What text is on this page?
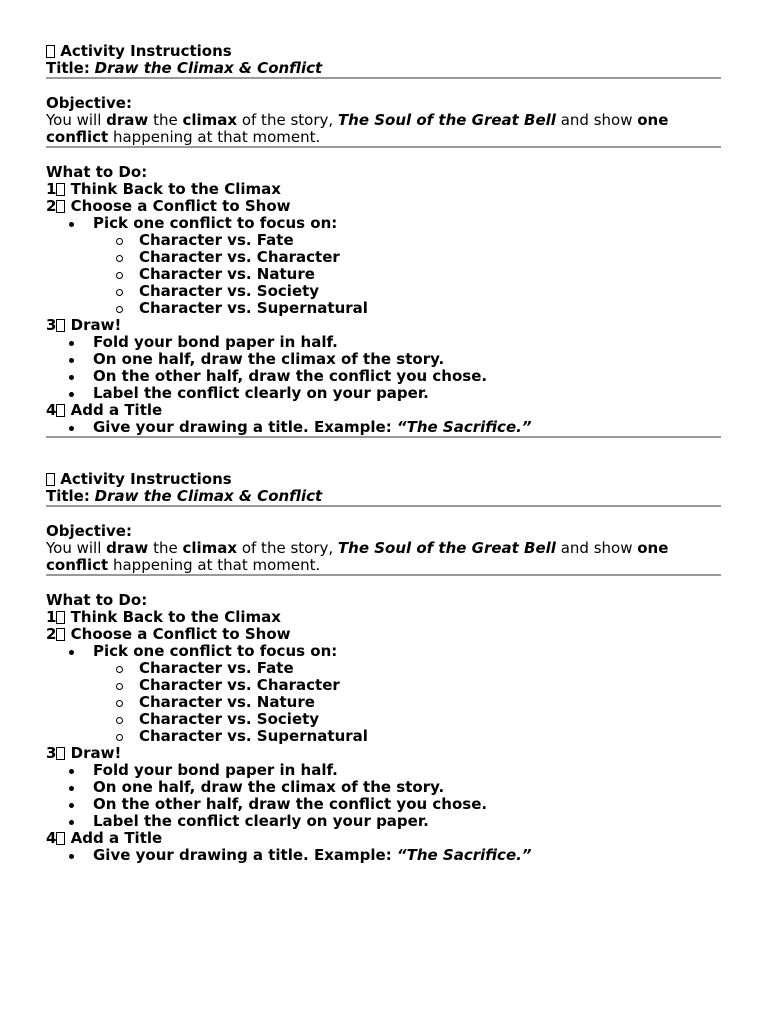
Activity Instructions
Title: Draw the Climax & Conflict
Objective:
You will draw the climax of the story, The Soul of the Great Bell and show one
conflict happening at that moment.
What to Do:
1 Think Back to the Climax
2 Choose a Conflict to Show
Pick one conflict to focus on:
Character vs. Fate
Character vs. Character
Character vs. Nature
Character vs. Society
Character vs. Supernatural
3 Draw!
Fold your bond paper in half.
On one half, draw the climax of the story.
On the other half, draw the conflict you chose.
Label the conflict clearly on your paper.
4 Add a Title
Give your drawing a title. Example: “The Sacrifice.”
Activity Instructions
Title: Draw the Climax & Conflict
Objective:
You will draw the climax of the story, The Soul of the Great Bell and show one
conflict happening at that moment.
What to Do:
1 Think Back to the Climax
2 Choose a Conflict to Show
Pick one conflict to focus on:
Character vs. Fate
Character vs. Character
Character vs. Nature
Character vs. Society
Character vs. Supernatural
3 Draw!
Fold your bond paper in half.
On one half, draw the climax of the story.
On the other half, draw the conflict you chose.
Label the conflict clearly on your paper.
4 Add a Title
Give your drawing a title. Example: “The Sacrifice.”
